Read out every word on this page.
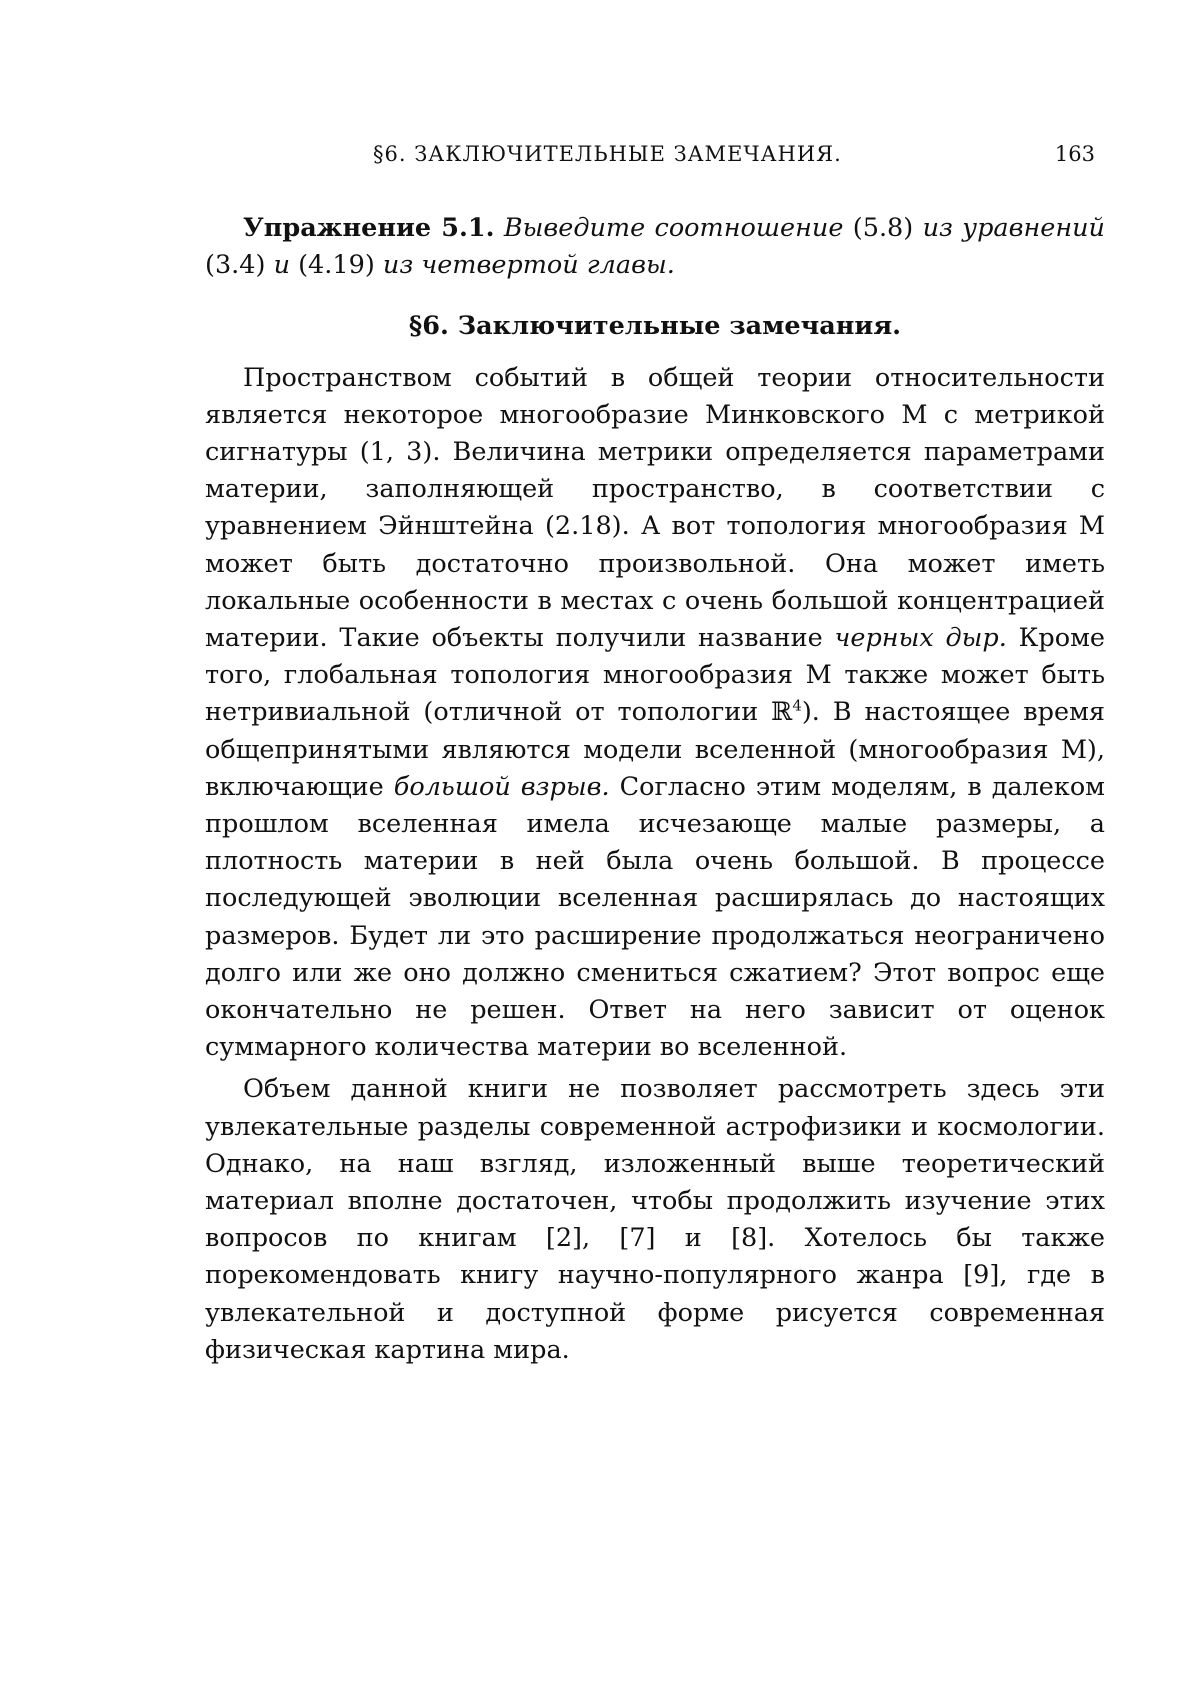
§6. ЗАКЛЮЧИТЕЛЬНЫЕ ЗАМЕЧАНИЯ.	163

Упражнение 5.1. Выведите соотношение (5.8) из уравнений (3.4) и (4.19) из четвертой главы.

§6. Заключительные замечания.

Пространством событий в общей теории относительности является некоторое многообразие Минковского M с метрикой сигнатуры (1, 3). Величина метрики определяется параметрами материи, заполняющей пространство, в соответствии с уравнением Эйнштейна (2.18). А вот топология многообразия M может быть достаточно произвольной. Она может иметь локальные особенности в местах с очень большой концентрацией материи. Такие объекты получили название черных дыр. Кроме того, глобальная топология многообразия M также может быть нетривиальной (отличной от топологии ℝ$^4$). В настоящее время общепринятыми являются модели вселенной (многообразия M), включающие большой взрыв. Согласно этим моделям, в далеком прошлом вселенная имела исчезающе малые размеры, а плотность материи в ней была очень большой. В процессе последующей эволюции вселенная расширялась до настоящих размеров. Будет ли это расширение продолжаться неограничено долго или же оно должно смениться сжатием? Этот вопрос еще окончательно не решен. Ответ на него зависит от оценок суммарного количества материи во вселенной.

Объем данной книги не позволяет рассмотреть здесь эти увлекательные разделы современной астрофизики и космологии. Однако, на наш взгляд, изложенный выше теоретический материал вполне достаточен, чтобы продолжить изучение этих вопросов по книгам [2], [7] и [8]. Хотелось бы также порекомендовать книгу научно-популярного жанра [9], где в увлекательной и доступной форме рисуется современная физическая картина мира.
